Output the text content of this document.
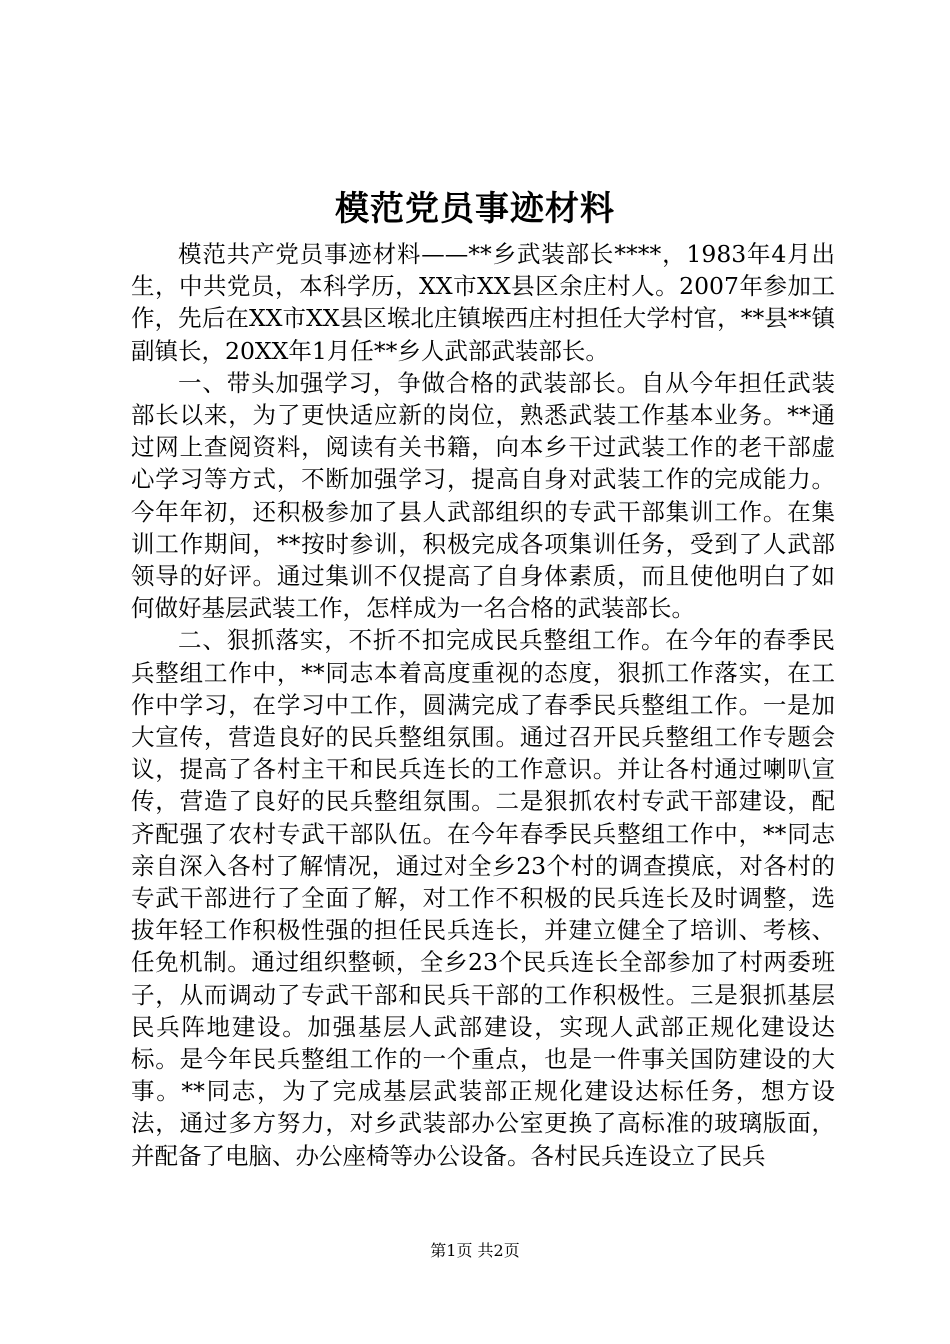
模范党员事迹材料

模范共产党员事迹材料——**乡武装部长****，1983年4月出生，中共党员，本科学历，XX市XX县区余庄村人。2007年参加工作，先后在XX市XX县区堠北庄镇堠西庄村担任大学村官，**县**镇副镇长，20XX年1月任**乡人武部武装部长。

一、带头加强学习，争做合格的武装部长。自从今年担任武装部长以来，为了更快适应新的岗位，熟悉武装工作基本业务。**通过网上查阅资料，阅读有关书籍，向本乡干过武装工作的老干部虚心学习等方式，不断加强学习，提高自身对武装工作的完成能力。今年年初，还积极参加了县人武部组织的专武干部集训工作。在集训工作期间，**按时参训，积极完成各项集训任务，受到了人武部领导的好评。通过集训不仅提高了自身体素质，而且使他明白了如何做好基层武装工作，怎样成为一名合格的武装部长。

二、狠抓落实，不折不扣完成民兵整组工作。在今年的春季民兵整组工作中，**同志本着高度重视的态度，狠抓工作落实，在工作中学习，在学习中工作，圆满完成了春季民兵整组工作。一是加大宣传，营造良好的民兵整组氛围。通过召开民兵整组工作专题会议，提高了各村主干和民兵连长的工作意识。并让各村通过喇叭宣传，营造了良好的民兵整组氛围。二是狠抓农村专武干部建设，配齐配强了农村专武干部队伍。在今年春季民兵整组工作中，**同志亲自深入各村了解情况，通过对全乡23个村的调查摸底，对各村的专武干部进行了全面了解，对工作不积极的民兵连长及时调整，选拔年轻工作积极性强的担任民兵连长，并建立健全了培训、考核、任免机制。通过组织整顿，全乡23个民兵连长全部参加了村两委班子，从而调动了专武干部和民兵干部的工作积极性。三是狠抓基层民兵阵地建设。加强基层人武部建设，实现人武部正规化建设达标。是今年民兵整组工作的一个重点，也是一件事关国防建设的大事。**同志，为了完成基层武装部正规化建设达标任务，想方设法，通过多方努力，对乡武装部办公室更换了高标准的玻璃版面，并配备了电脑、办公座椅等办公设备。各村民兵连设立了民兵

第1页 共2页
